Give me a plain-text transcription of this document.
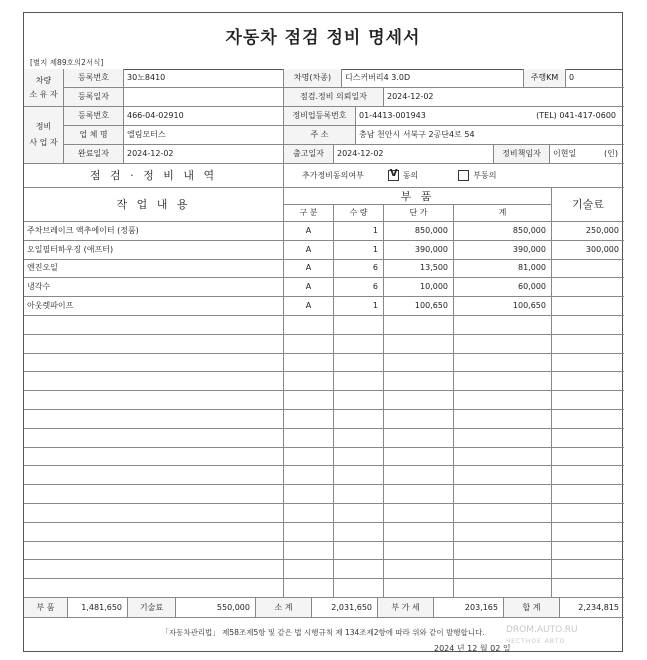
자동차 점검 정비 명세서
[별지 제89호의2서식]
차량
소 유 자
등록번호	30노8410	차명(차종)	디스커버리4 3.0D	주행KM	0
등록일자	점검.정비 의뢰일자	2024-12-02
정비
사 업 자
등록번호	466-04-02910	정비업등록번호	01-4413-001943	(TEL) 041-417-0600
업 체 명	엘림모터스	주 소	충남 천안시 서북구 2공단4로 54
완료일자	2024-12-02	출고일자	2024-12-02	정비책임자	이현일	(인)
점 검 · 정 비 내 역	추가정비동의여부
V	동의	부동의
작 업 내 용
부 품
기술료
구 분	수 량	단 가	계
주차브레이크 액추에이터 (정품)	A	1	850,000	850,000	250,000
오일필터하우징 (애프터)	A	1	390,000	390,000	300,000
엔진오일	A	6	13,500	81,000
냉각수	A	6	10,000	60,000
아웃렛파이프	A	1	100,650	100,650
부 품	1,481,650	기술료	550,000	소 계	2,031,650	부 가 세	203,165	합 계	2,234,815
「자동차관리법」 제58조제5항 및 같은 법 시행규칙 제 134조제2항에 따라 위와 같이 발행합니다.
2024 년 12 월 02 일
DROM.AUTO.RU
ЧЕСТНОЕ АВТО
